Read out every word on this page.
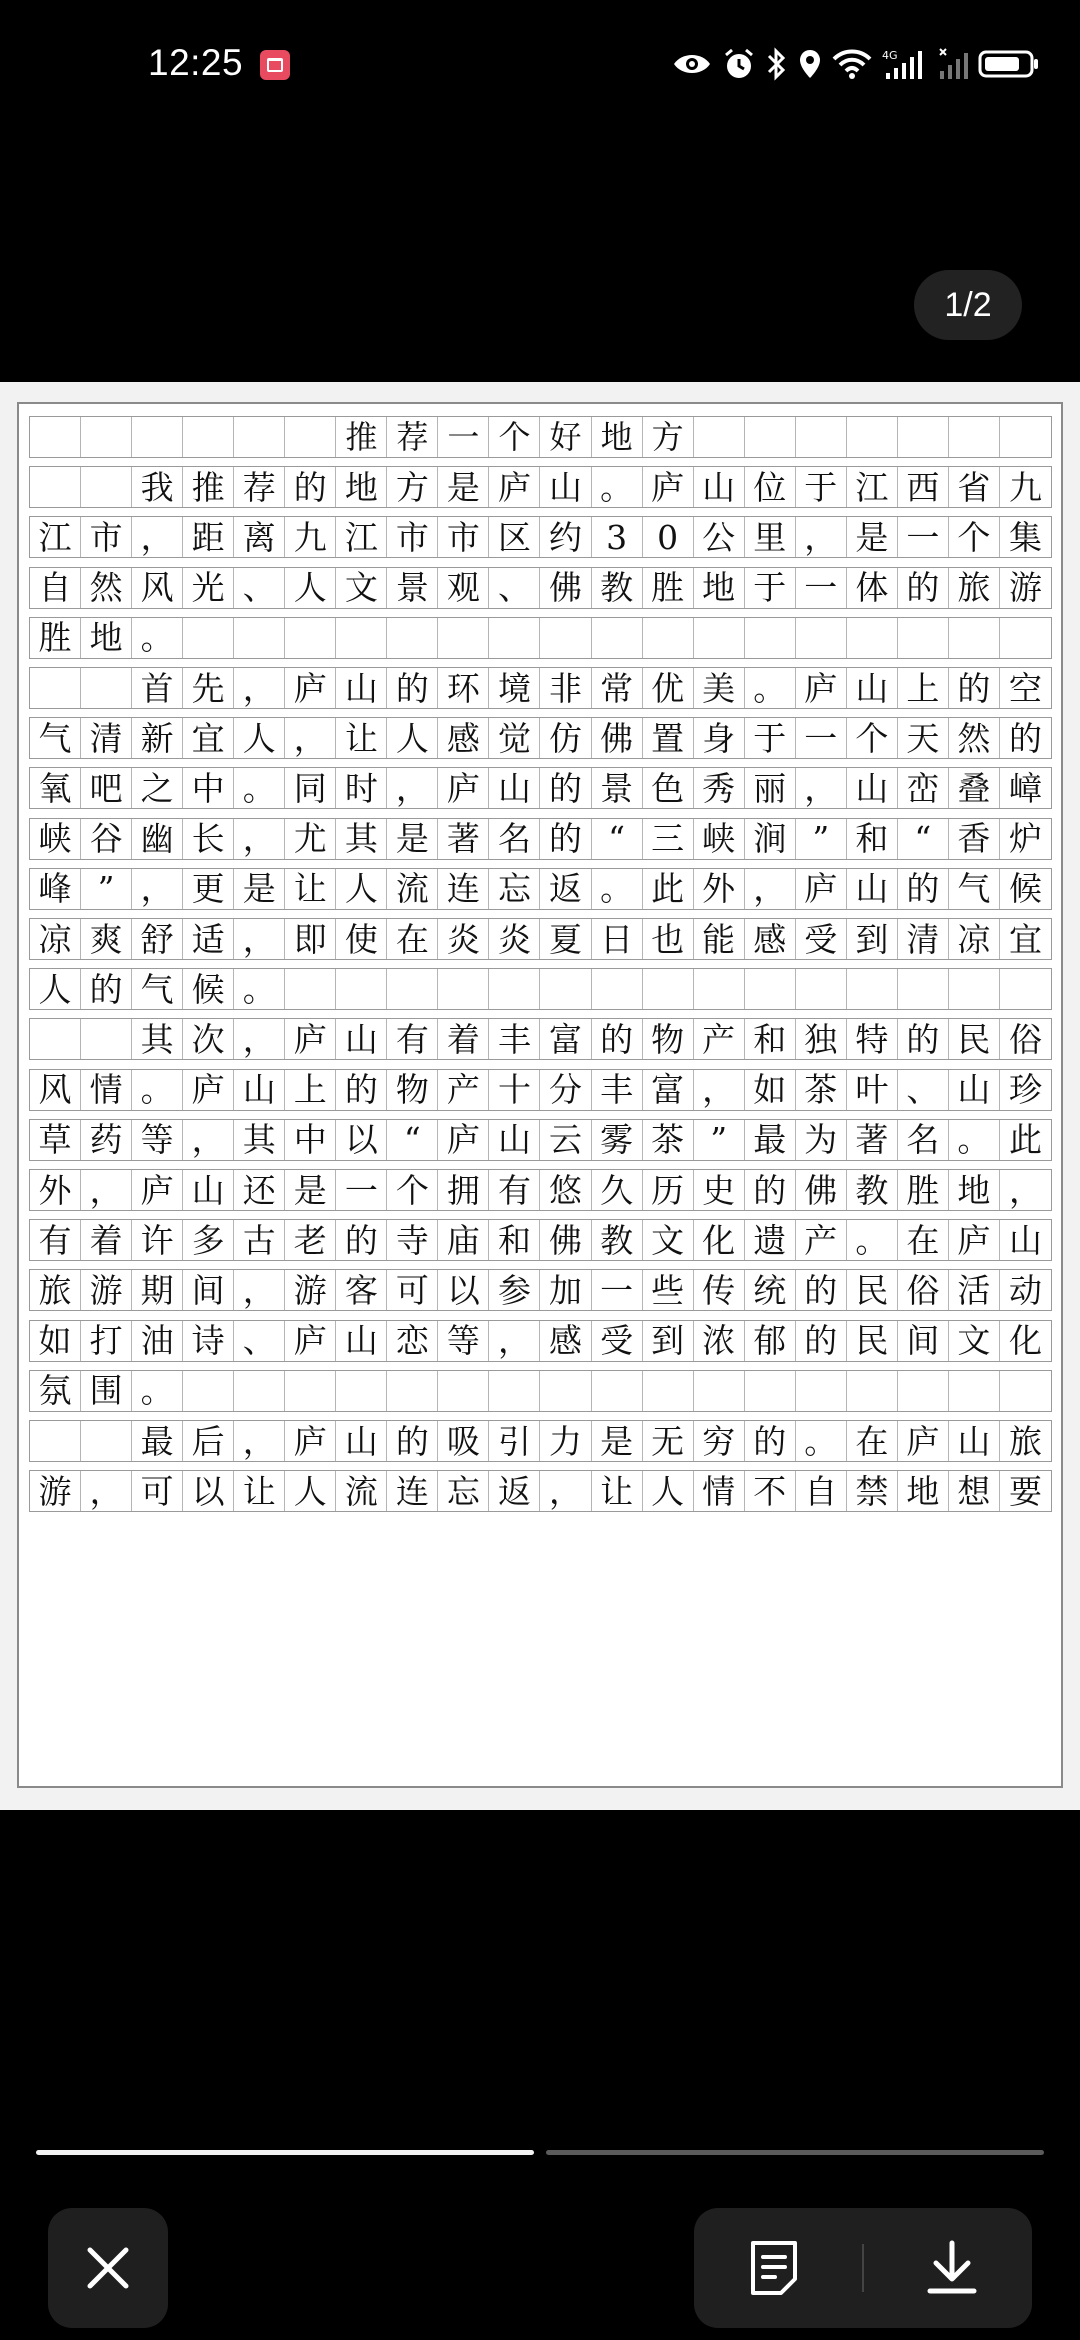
12:25	4G
1/2
推 荐 一 个 好 地 方
我 推 荐 的 地 方 是 庐 山 。 庐 山 位 于 江 西 省 九
江 市 ， 距 离 九 江 市 市 区 约 3 0 公 里 ， 是 一 个 集
自 然 风 光 、 人 文 景 观 、 佛 教 胜 地 于 一 体 的 旅 游
胜 地 。
首 先 ， 庐 山 的 环 境 非 常 优 美 。 庐 山 上 的 空
气 清 新 宜 人 ， 让 人 感 觉 仿 佛 置 身 于 一 个 天 然 的
氧 吧 之 中 。 同 时 ， 庐 山 的 景 色 秀 丽 ， 山 峦 叠 嶂
峡 谷 幽 长 ， 尤 其 是 著 名 的 “ 三 峡 涧 ” 和 “ 香 炉
峰 ” ， 更 是 让 人 流 连 忘 返 。 此 外 ， 庐 山 的 气 候
凉 爽 舒 适 ， 即 使 在 炎 炎 夏 日 也 能 感 受 到 清 凉 宜
人 的 气 候 。
其 次 ， 庐 山 有 着 丰 富 的 物 产 和 独 特 的 民 俗
风 情 。 庐 山 上 的 物 产 十 分 丰 富 ， 如 茶 叶 、 山 珍
草 药 等 ， 其 中 以 “ 庐 山 云 雾 茶 ” 最 为 著 名 。 此
外 ， 庐 山 还 是 一 个 拥 有 悠 久 历 史 的 佛 教 胜 地 ，
有 着 许 多 古 老 的 寺 庙 和 佛 教 文 化 遗 产 。 在 庐 山
旅 游 期 间 ， 游 客 可 以 参 加 一 些 传 统 的 民 俗 活 动
如 打 油 诗 、 庐 山 恋 等 ， 感 受 到 浓 郁 的 民 间 文 化
氛 围 。
最 后 ， 庐 山 的 吸 引 力 是 无 穷 的 。 在 庐 山 旅
游 ， 可 以 让 人 流 连 忘 返 ， 让 人 情 不 自 禁 地 想 要
